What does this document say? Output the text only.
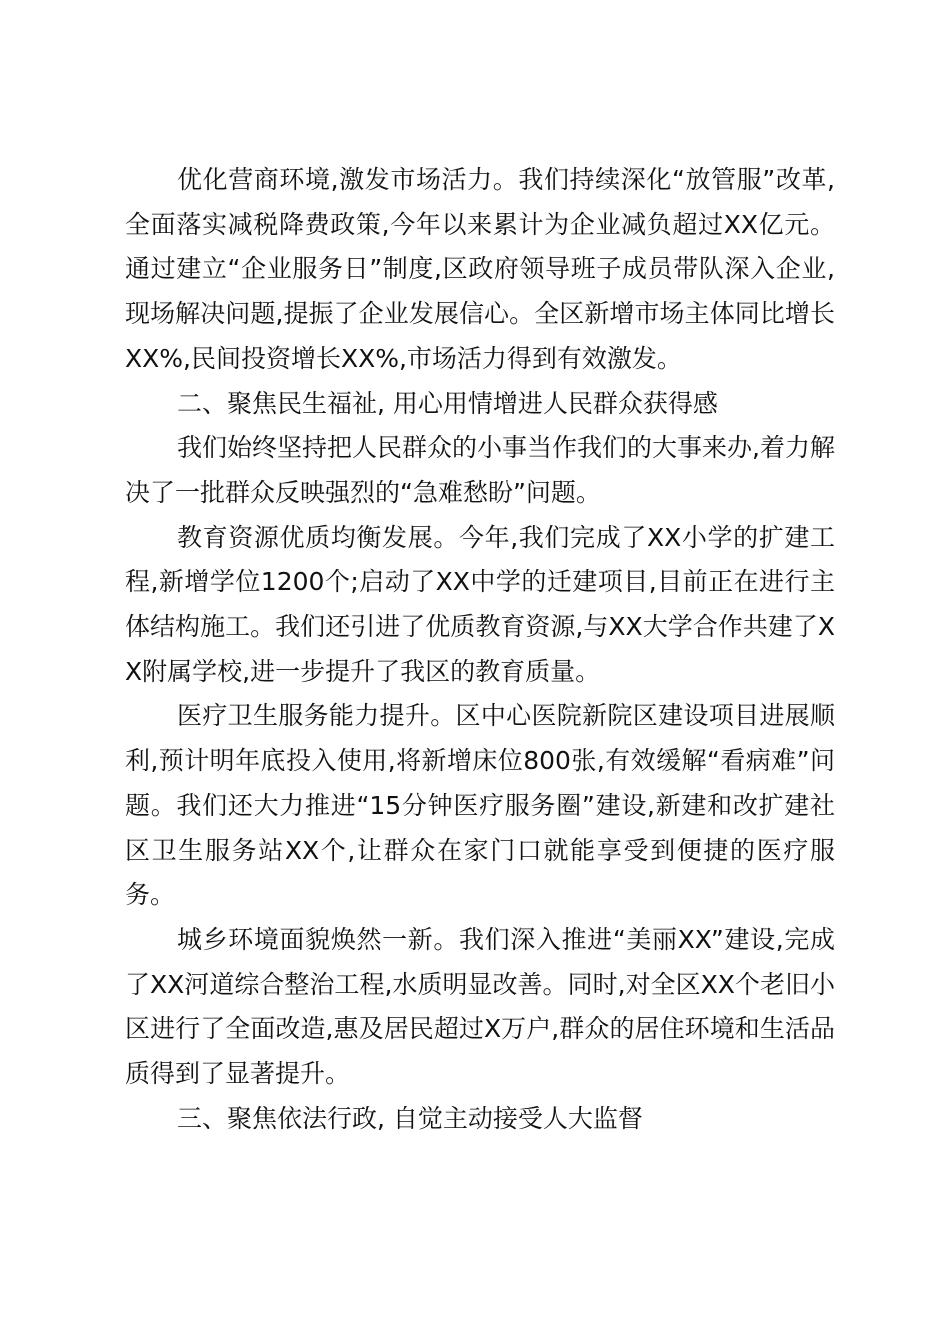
优化营商环境,激发市场活力。我们持续深化“放管服”改革,全面落实减税降费政策,今年以来累计为企业减负超过XX亿元。通过建立“企业服务日”制度,区政府领导班子成员带队深入企业,现场解决问题,提振了企业发展信心。全区新增市场主体同比增长XX%,民间投资增长XX%,市场活力得到有效激发。

二、聚焦民生福祉, 用心用情增进人民群众获得感

我们始终坚持把人民群众的小事当作我们的大事来办,着力解决了一批群众反映强烈的“急难愁盼”问题。

教育资源优质均衡发展。今年,我们完成了XX小学的扩建工程,新增学位1200个;启动了XX中学的迁建项目,目前正在进行主体结构施工。我们还引进了优质教育资源,与XX大学合作共建了XX附属学校,进一步提升了我区的教育质量。

医疗卫生服务能力提升。区中心医院新院区建设项目进展顺利,预计明年底投入使用,将新增床位800张,有效缓解“看病难”问题。我们还大力推进“15分钟医疗服务圈”建设,新建和改扩建社区卫生服务站XX个,让群众在家门口就能享受到便捷的医疗服务。

城乡环境面貌焕然一新。我们深入推进“美丽XX”建设,完成了XX河道综合整治工程,水质明显改善。同时,对全区XX个老旧小区进行了全面改造,惠及居民超过X万户,群众的居住环境和生活品质得到了显著提升。

三、聚焦依法行政, 自觉主动接受人大监督
